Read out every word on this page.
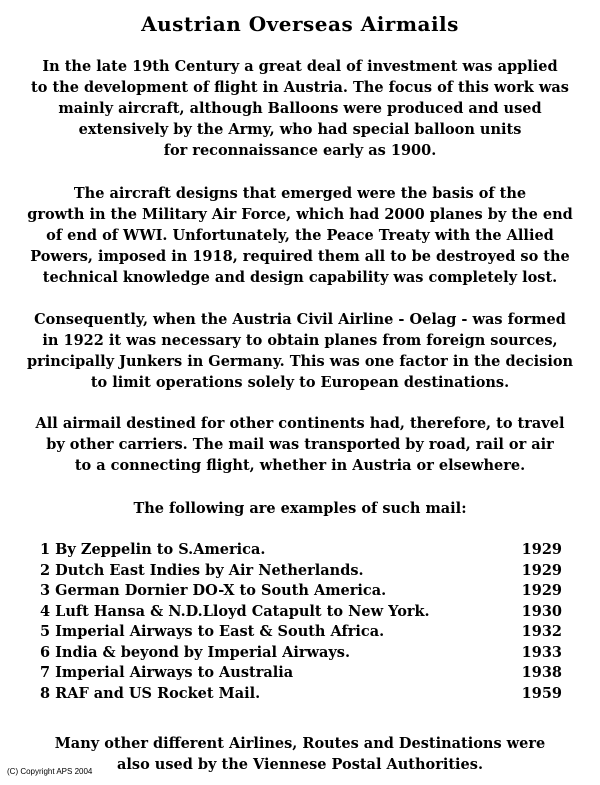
Austrian Overseas Airmails

In the late 19th Century a great deal of investment was applied
to the development of flight in Austria. The focus of this work was
mainly aircraft, although Balloons were produced and used
extensively by the Army, who had special balloon units
for reconnaissance early as 1900.

The aircraft designs that emerged were the basis of the
growth in the Military Air Force, which had 2000 planes by the end
of end of WWI. Unfortunately, the Peace Treaty with the Allied
Powers, imposed in 1918, required them all to be destroyed so the
technical knowledge and design capability was completely lost.

Consequently, when the Austria Civil Airline - Oelag - was formed
in 1922 it was necessary to obtain planes from foreign sources,
principally Junkers in Germany. This was one factor in the decision
to limit operations solely to European destinations.

All airmail destined for other continents had, therefore, to travel
by other carriers. The mail was transported by road, rail or air
to a connecting flight, whether in Austria or elsewhere.

The following are examples of such mail:

1 By Zeppelin to S.America.	1929
2 Dutch East Indies by Air Netherlands.	1929
3 German Dornier DO-X to South America.	1929
4 Luft Hansa & N.D.Lloyd Catapult to New York.	1930
5 Imperial Airways to East & South Africa.	1932
6 India & beyond by Imperial Airways.	1933
7 Imperial Airways to Australia	1938
8 RAF and US Rocket Mail.	1959

Many other different Airlines, Routes and Destinations were
also used by the Viennese Postal Authorities.

(C) Copyright APS 2004
